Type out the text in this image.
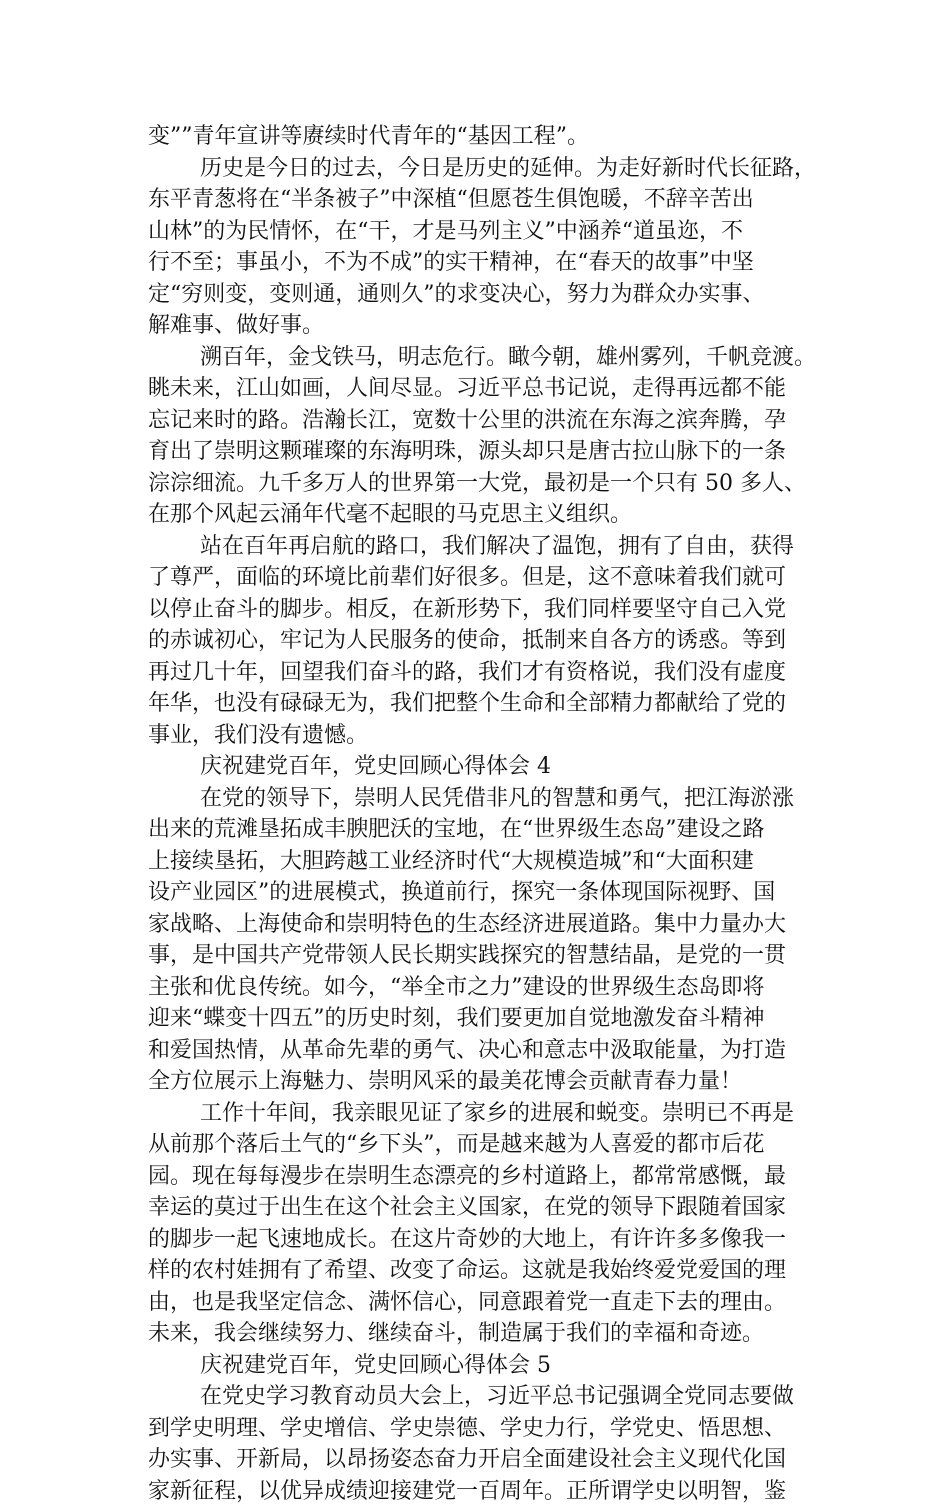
变””青年宣讲等赓续时代青年的“基因工程”。
历史是今日的过去，今日是历史的延伸。为走好新时代长征路，
东平青葱将在“半条被子”中深植“但愿苍生俱饱暖，不辞辛苦出
山林”的为民情怀，在“干，才是马列主义”中涵养“道虽迩，不
行不至；事虽小，不为不成”的实干精神，在“春天的故事”中坚
定“穷则变，变则通，通则久”的求变决心，努力为群众办实事、
解难事、做好事。
溯百年，金戈铁马，明志危行。瞰今朝，雄州雾列，千帆竞渡。
眺未来，江山如画，人间尽显。习近平总书记说，走得再远都不能
忘记来时的路。浩瀚长江，宽数十公里的洪流在东海之滨奔腾，孕
育出了崇明这颗璀璨的东海明珠，源头却只是唐古拉山脉下的一条
淙淙细流。九千多万人的世界第一大党，最初是一个只有 50 多人、
在那个风起云涌年代毫不起眼的马克思主义组织。
站在百年再启航的路口，我们解决了温饱，拥有了自由，获得
了尊严，面临的环境比前辈们好很多。但是，这不意味着我们就可
以停止奋斗的脚步。相反，在新形势下，我们同样要坚守自己入党
的赤诚初心，牢记为人民服务的使命，抵制来自各方的诱惑。等到
再过几十年，回望我们奋斗的路，我们才有资格说，我们没有虚度
年华，也没有碌碌无为，我们把整个生命和全部精力都献给了党的
事业，我们没有遗憾。
庆祝建党百年，党史回顾心得体会 4
在党的领导下，崇明人民凭借非凡的智慧和勇气，把江海淤涨
出来的荒滩垦拓成丰腴肥沃的宝地，在“世界级生态岛”建设之路
上接续垦拓，大胆跨越工业经济时代“大规模造城”和“大面积建
设产业园区”的进展模式，换道前行，探究一条体现国际视野、国
家战略、上海使命和崇明特色的生态经济进展道路。集中力量办大
事，是中国共产党带领人民长期实践探究的智慧结晶，是党的一贯
主张和优良传统。如今，“举全市之力”建设的世界级生态岛即将
迎来“蝶变十四五”的历史时刻，我们要更加自觉地激发奋斗精神
和爱国热情，从革命先辈的勇气、决心和意志中汲取能量，为打造
全方位展示上海魅力、崇明风采的最美花博会贡献青春力量！
工作十年间，我亲眼见证了家乡的进展和蜕变。崇明已不再是
从前那个落后土气的“乡下头”，而是越来越为人喜爱的都市后花
园。现在每每漫步在崇明生态漂亮的乡村道路上，都常常感慨，最
幸运的莫过于出生在这个社会主义国家，在党的领导下跟随着国家
的脚步一起飞速地成长。在这片奇妙的大地上，有许许多多像我一
样的农村娃拥有了希望、改变了命运。这就是我始终爱党爱国的理
由，也是我坚定信念、满怀信心，同意跟着党一直走下去的理由。
未来，我会继续努力、继续奋斗，制造属于我们的幸福和奇迹。
庆祝建党百年，党史回顾心得体会 5
在党史学习教育动员大会上，习近平总书记强调全党同志要做
到学史明理、学史增信、学史崇德、学史力行，学党史、悟思想、
办实事、开新局，以昂扬姿态奋力开启全面建设社会主义现代化国
家新征程，以优异成绩迎接建党一百周年。正所谓学史以明智，鉴
